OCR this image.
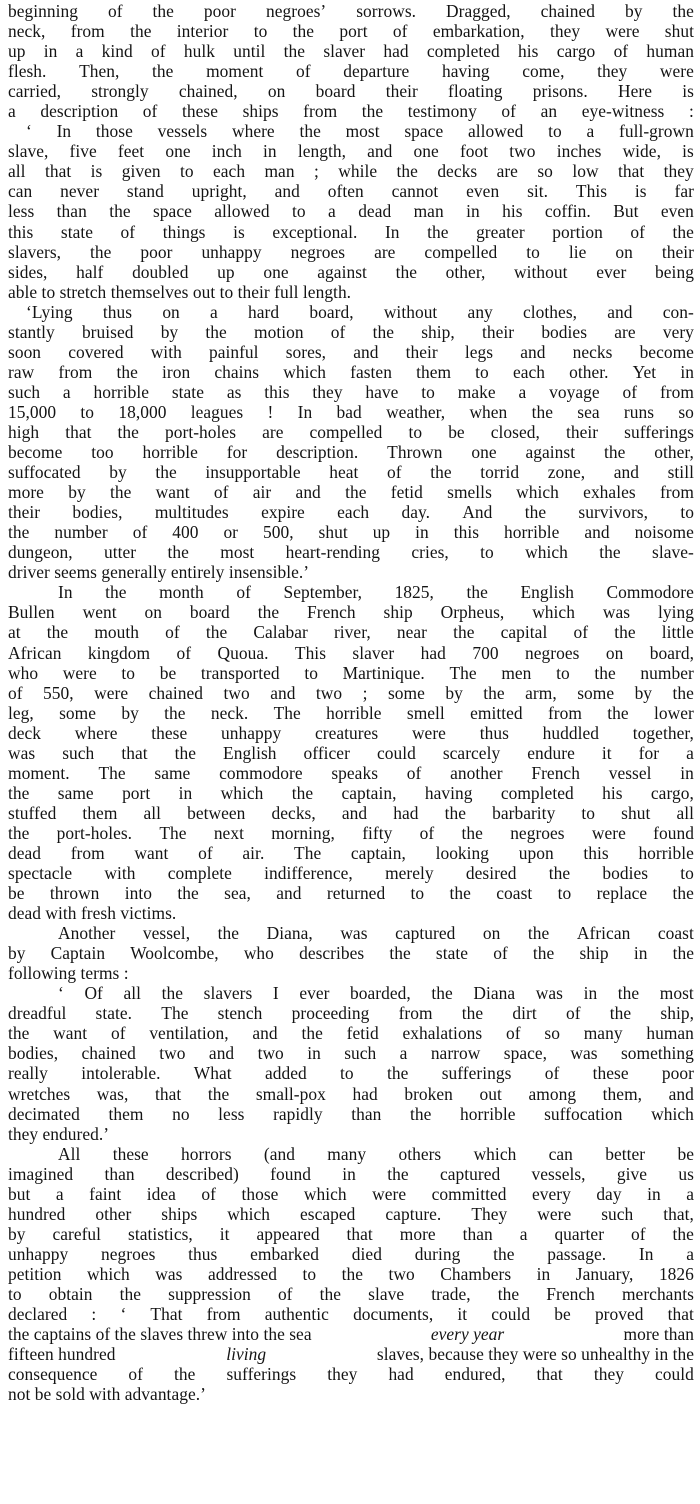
beginning of the poor negroes’ sorrows. Dragged, chained by the
neck, from the interior to the port of embarkation, they were shut
up in a kind of hulk until the slaver had completed his cargo of human
flesh. Then, the moment of departure having come, they were
carried, strongly chained, on board their floating prisons. Here is
a description of these ships from the testimony of an eye-witness :
‘ In those vessels where the most space allowed to a full-grown
slave, five feet one inch in length, and one foot two inches wide, is
all that is given to each man ; while the decks are so low that they
can never stand upright, and often cannot even sit. This is far
less than the space allowed to a dead man in his coffin. But even
this state of things is exceptional. In the greater portion of the
slavers, the poor unhappy negroes are compelled to lie on their
sides, half doubled up one against the other, without ever being
able to stretch themselves out to their full length.
‘Lying thus on a hard board, without any clothes, and con-
stantly bruised by the motion of the ship, their bodies are very
soon covered with painful sores, and their legs and necks become
raw from the iron chains which fasten them to each other. Yet in
such a horrible state as this they have to make a voyage of from
15,000 to 18,000 leagues ! In bad weather, when the sea runs so
high that the port-holes are compelled to be closed, their sufferings
become too horrible for description. Thrown one against the other,
suffocated by the insupportable heat of the torrid zone, and still
more by the want of air and the fetid smells which exhales from
their bodies, multitudes expire each day. And the survivors, to
the number of 400 or 500, shut up in this horrible and noisome
dungeon, utter the most heart-rending cries, to which the slave-
driver seems generally entirely insensible.’
In the month of September, 1825, the English Commodore
Bullen went on board the French ship Orpheus, which was lying
at the mouth of the Calabar river, near the capital of the little
African kingdom of Quoua. This slaver had 700 negroes on board,
who were to be transported to Martinique. The men to the number
of 550, were chained two and two ; some by the arm, some by the
leg, some by the neck. The horrible smell emitted from the lower
deck where these unhappy creatures were thus huddled together,
was such that the English officer could scarcely endure it for a
moment. The same commodore speaks of another French vessel in
the same port in which the captain, having completed his cargo,
stuffed them all between decks, and had the barbarity to shut all
the port-holes. The next morning, fifty of the negroes were found
dead from want of air. The captain, looking upon this horrible
spectacle with complete indifference, merely desired the bodies to
be thrown into the sea, and returned to the coast to replace the
dead with fresh victims.
Another vessel, the Diana, was captured on the African coast
by Captain Woolcombe, who describes the state of the ship in the
following terms :
‘ Of all the slavers I ever boarded, the Diana was in the most
dreadful state. The stench proceeding from the dirt of the ship,
the want of ventilation, and the fetid exhalations of so many human
bodies, chained two and two in such a narrow space, was something
really intolerable. What added to the sufferings of these poor
wretches was, that the small-pox had broken out among them, and
decimated them no less rapidly than the horrible suffocation which
they endured.’
All these horrors (and many others which can better be
imagined than described) found in the captured vessels, give us
but a faint idea of those which were committed every day in a
hundred other ships which escaped capture. They were such that,
by careful statistics, it appeared that more than a quarter of the
unhappy negroes thus embarked died during the passage. In a
petition which was addressed to the two Chambers in January, 1826
to obtain the suppression of the slave trade, the French merchants
declared : ‘ That from authentic documents, it could be proved that
the captains of the slaves threw into the sea	every year	more than
fifteen hundred	living	slaves, because they were so unhealthy in the
consequence of the sufferings they had endured, that they could
not be sold with advantage.’
